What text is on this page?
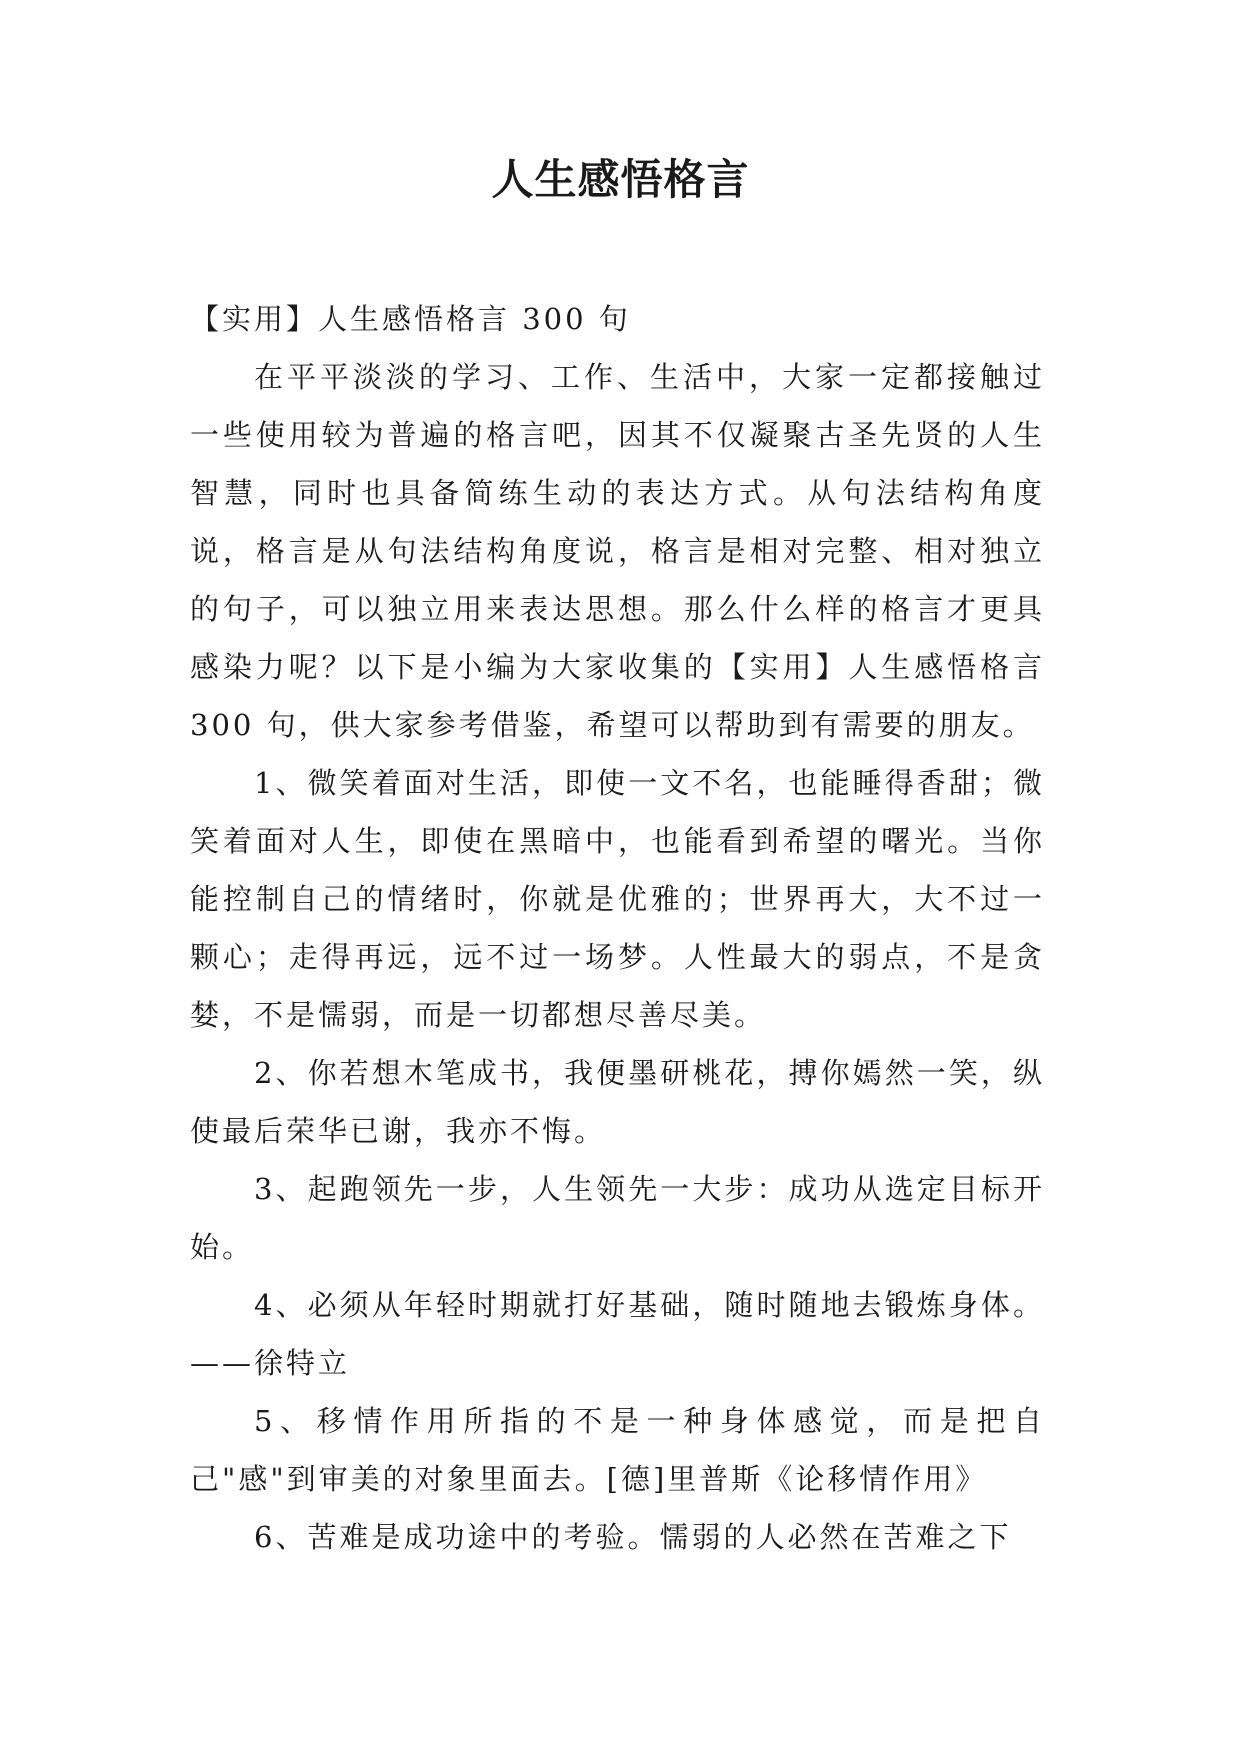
人生感悟格言

【实用】人生感悟格言 300 句

在平平淡淡的学习、工作、生活中，大家一定都接触过一些使用较为普遍的格言吧，因其不仅凝聚古圣先贤的人生智慧，同时也具备简练生动的表达方式。从句法结构角度说，格言是从句法结构角度说，格言是相对完整、相对独立的句子，可以独立用来表达思想。那么什么样的格言才更具感染力呢？以下是小编为大家收集的【实用】人生感悟格言 300 句，供大家参考借鉴，希望可以帮助到有需要的朋友。

1、微笑着面对生活，即使一文不名，也能睡得香甜；微笑着面对人生，即使在黑暗中，也能看到希望的曙光。当你能控制自己的情绪时，你就是优雅的；世界再大，大不过一颗心；走得再远，远不过一场梦。人性最大的弱点，不是贪婪，不是懦弱，而是一切都想尽善尽美。

2、你若想木笔成书，我便墨研桃花，搏你嫣然一笑，纵使最后荣华已谢，我亦不悔。

3、起跑领先一步，人生领先一大步：成功从选定目标开始。

4、必须从年轻时期就打好基础，随时随地去锻炼身体。——徐特立

5、移情作用所指的不是一种身体感觉，而是把自己"感"到审美的对象里面去。[德]里普斯《论移情作用》

6、苦难是成功途中的考验。懦弱的人必然在苦难之下
